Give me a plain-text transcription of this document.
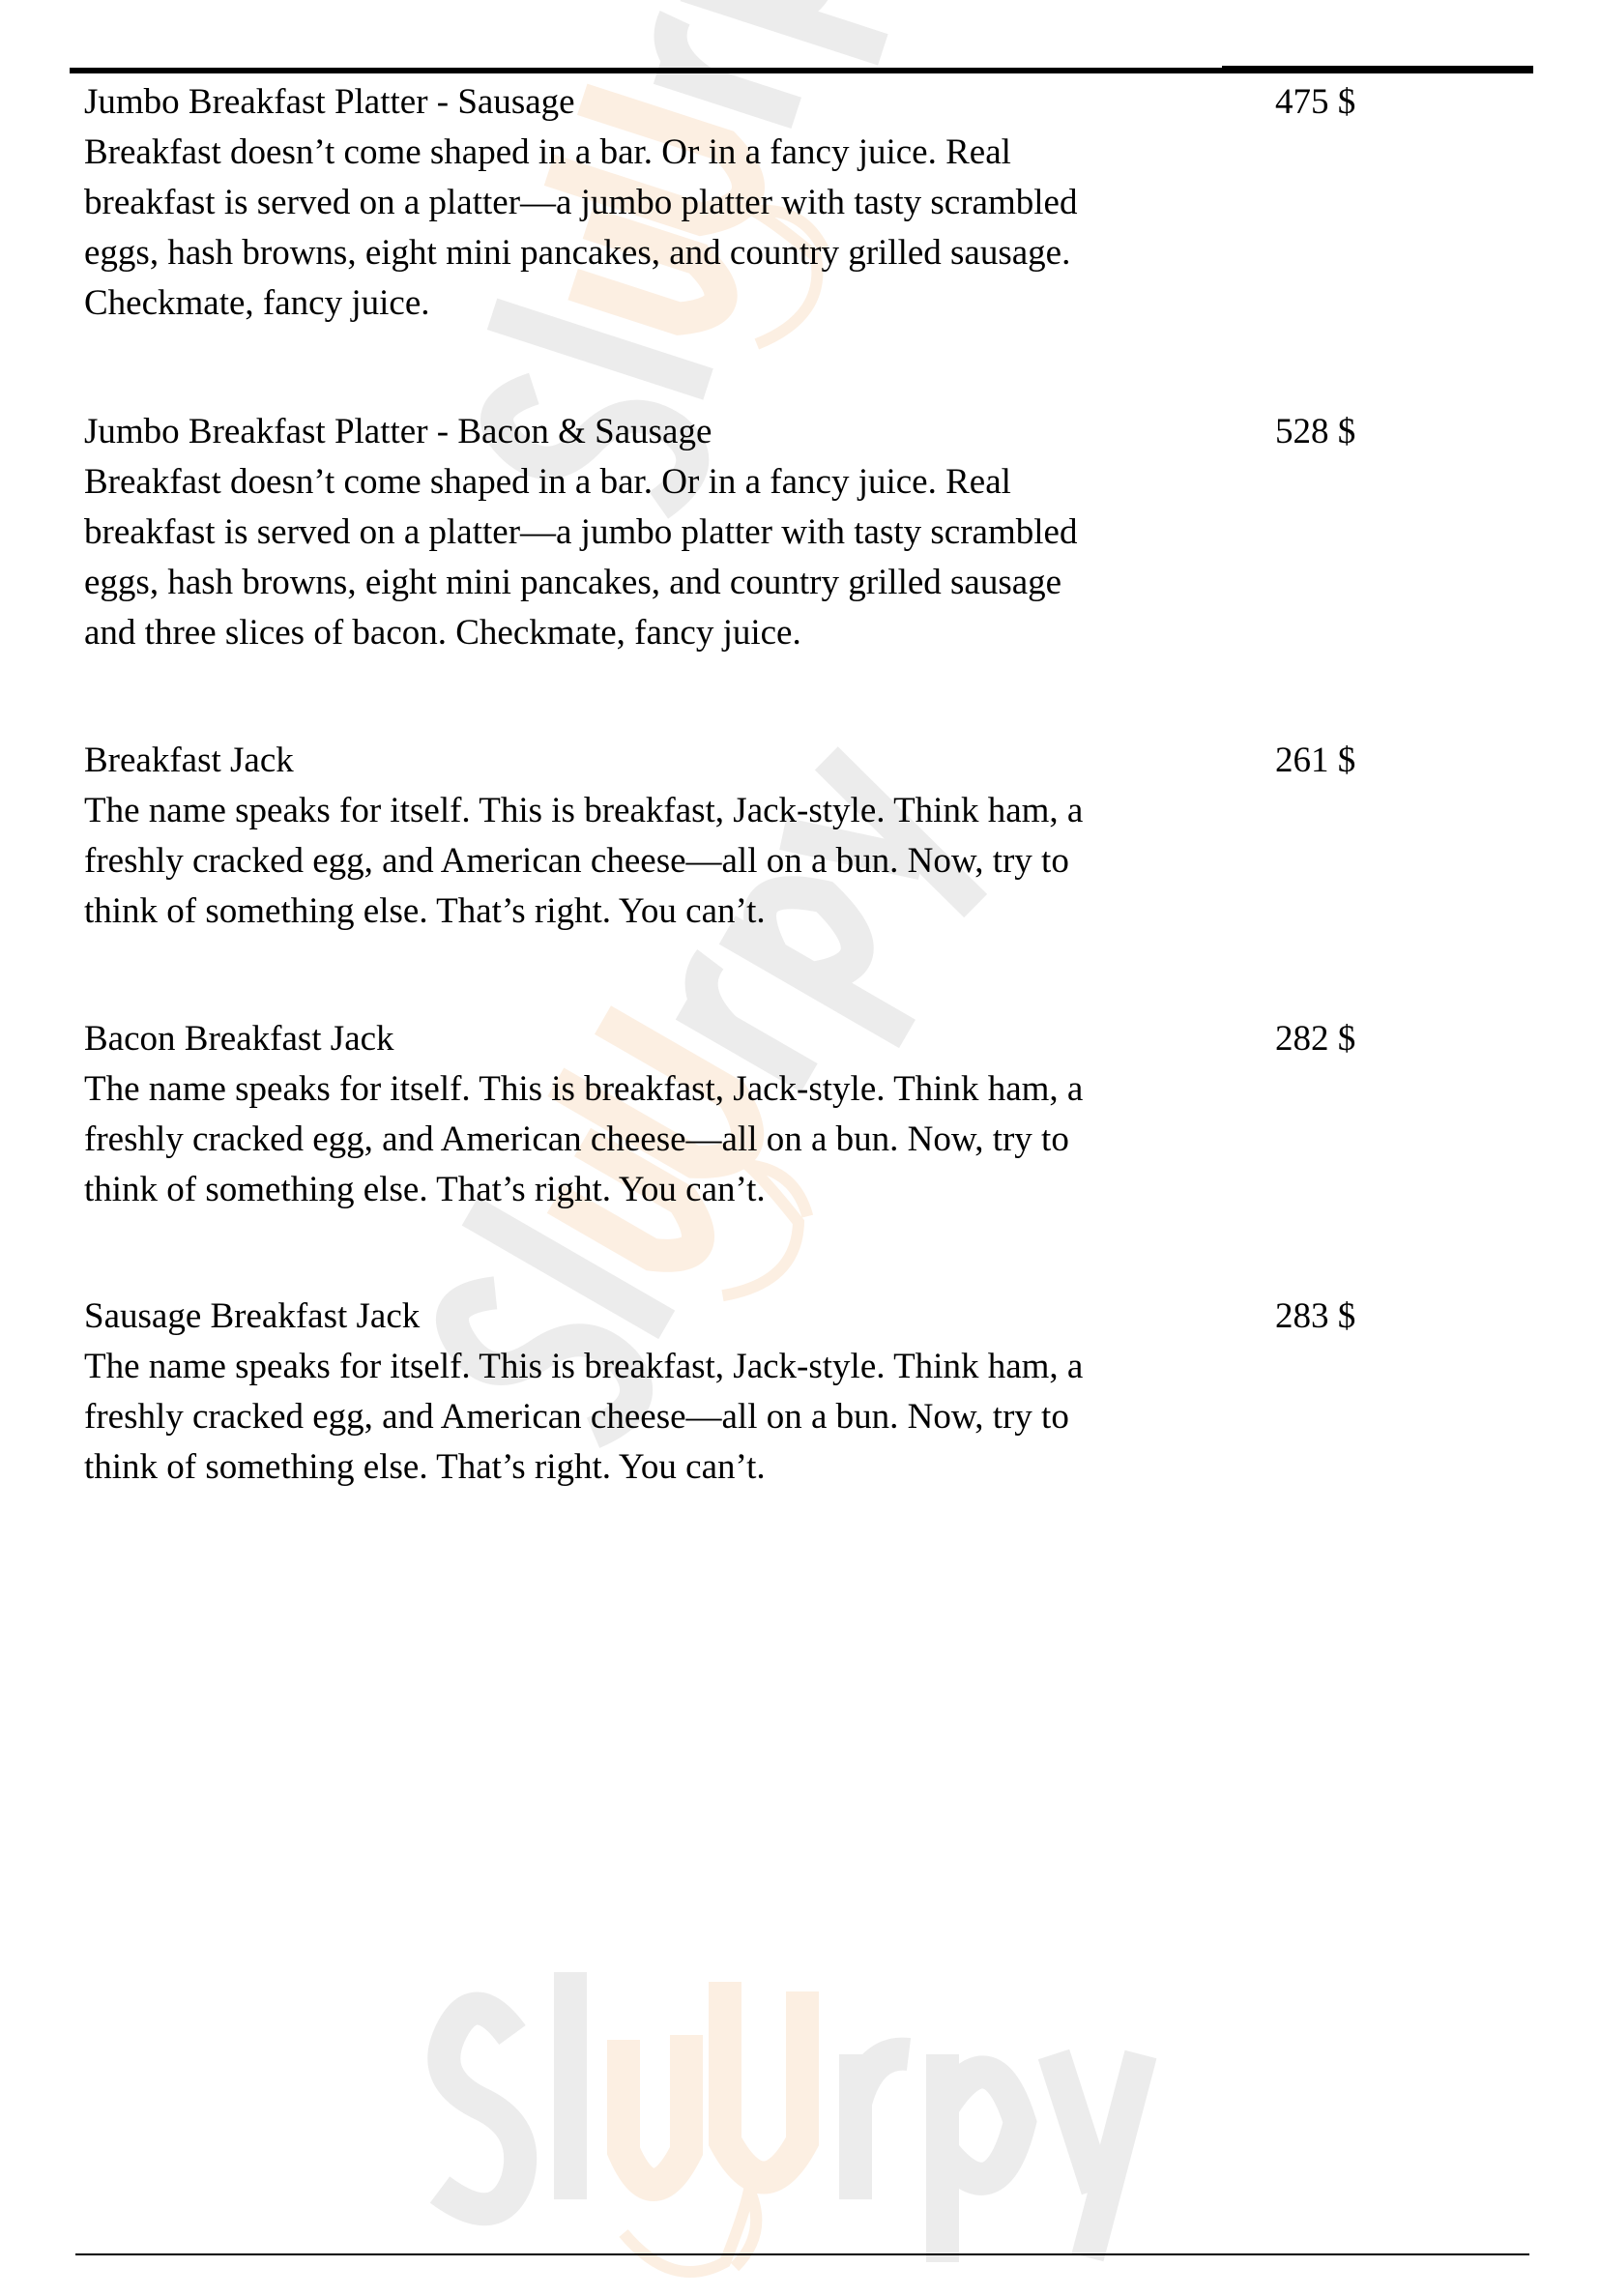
Jumbo Breakfast Platter - Sausage	475 $
Breakfast doesn’t come shaped in a bar. Or in a fancy juice. Real
breakfast is served on a platter—a jumbo platter with tasty scrambled
eggs, hash browns, eight mini pancakes, and country grilled sausage.
Checkmate, fancy juice.
Jumbo Breakfast Platter - Bacon & Sausage	528 $
Breakfast doesn’t come shaped in a bar. Or in a fancy juice. Real
breakfast is served on a platter—a jumbo platter with tasty scrambled
eggs, hash browns, eight mini pancakes, and country grilled sausage
and three slices of bacon. Checkmate, fancy juice.
Breakfast Jack	261 $
The name speaks for itself. This is breakfast, Jack-style. Think ham, a
freshly cracked egg, and American cheese—all on a bun. Now, try to
think of something else. That’s right. You can’t.
Bacon Breakfast Jack	282 $
The name speaks for itself. This is breakfast, Jack-style. Think ham, a
freshly cracked egg, and American cheese—all on a bun. Now, try to
think of something else. That’s right. You can’t.
Sausage Breakfast Jack	283 $
The name speaks for itself. This is breakfast, Jack-style. Think ham, a
freshly cracked egg, and American cheese—all on a bun. Now, try to
think of something else. That’s right. You can’t.
